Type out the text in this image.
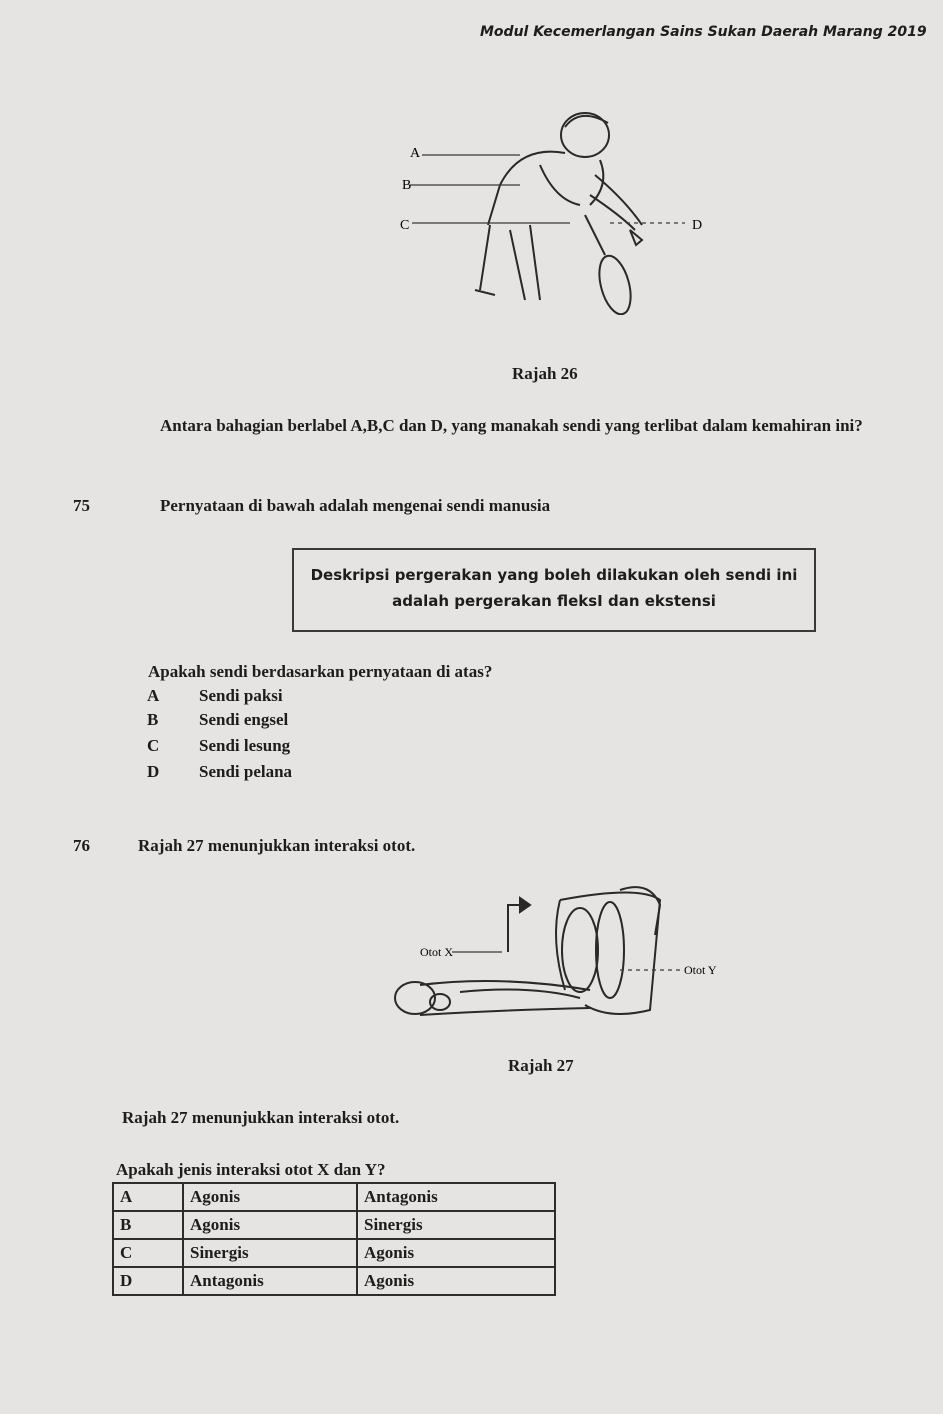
Modul Kecemerlangan Sains Sukan Daerah Marang 2019
A
B
C	D
Rajah 26
Antara bahagian berlabel A,B,C dan D, yang manakah sendi yang terlibat dalam kemahiran ini?
75	Pernyataan di bawah adalah mengenai sendi manusia
Deskripsi pergerakan yang boleh dilakukan oleh sendi ini
adalah pergerakan fleksI dan ekstensi
Apakah sendi berdasarkan pernyataan di atas?
A Sendi paksi
B Sendi engsel
C Sendi lesung
D Sendi pelana
76	Rajah 27 menunjukkan interaksi otot.
Otot X
Otot Y
Rajah 27
Rajah 27 menunjukkan interaksi otot.
Apakah jenis interaksi otot X dan Y?
A	Agonis	Antagonis
B	Agonis	Sinergis
C	Sinergis	Agonis
D	Antagonis	Agonis
